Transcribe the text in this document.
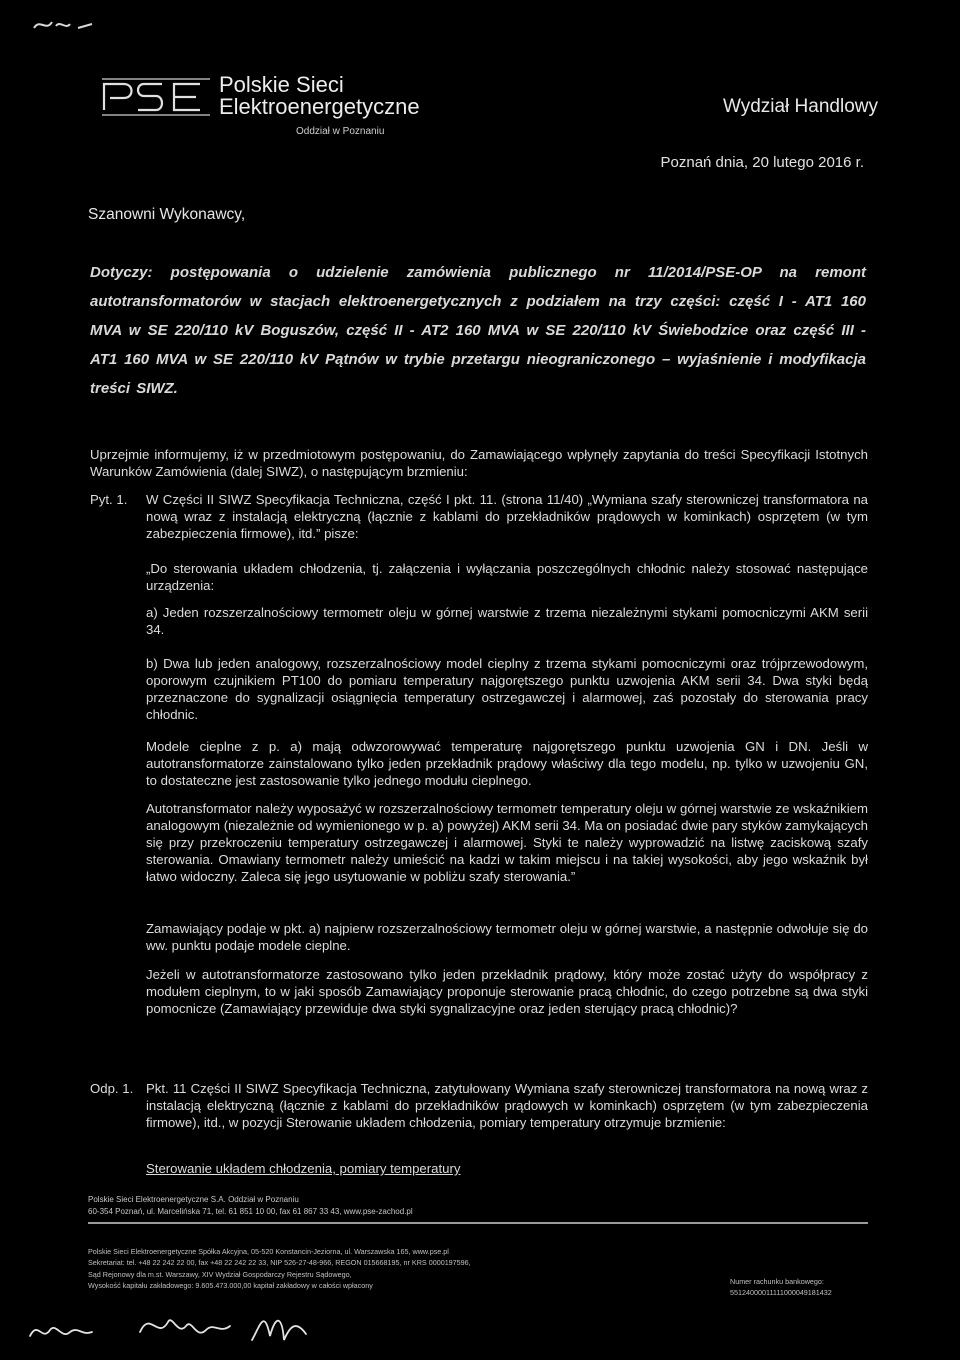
Polskie Sieci
Elektroenergetyczne
Oddział w Poznaniu
Wydział Handlowy
Poznań dnia, 20 lutego 2016 r.
Szanowni Wykonawcy,
Dotyczy: postępowania o udzielenie zamówienia publicznego nr 11/2014/PSE-OP na remont autotransformatorów w stacjach elektroenergetycznych z podziałem na trzy części: część I - AT1 160 MVA w SE 220/110 kV Boguszów, część II - AT2 160 MVA w SE 220/110 kV Świebodzice oraz część III - AT1 160 MVA w SE 220/110 kV Pątnów w trybie przetargu nieograniczonego – wyjaśnienie i modyfikacja treści SIWZ.
Uprzejmie informujemy, iż w przedmiotowym postępowaniu, do Zamawiającego wpłynęły zapytania do treści Specyfikacji Istotnych Warunków Zamówienia (dalej SIWZ), o następującym brzmieniu:
Pyt. 1. W Części II SIWZ Specyfikacja Techniczna, część I pkt. 11. (strona 11/40) „Wymiana szafy sterowniczej transformatora na nową wraz z instalacją elektryczną (łącznie z kablami do przekładników prądowych w kominkach) osprzętem (w tym zabezpieczenia firmowe), itd.” pisze:
„Do sterowania układem chłodzenia, tj. załączenia i wyłączania poszczególnych chłodnic należy stosować następujące urządzenia:
a) Jeden rozszerzalnościowy termometr oleju w górnej warstwie z trzema niezależnymi stykami pomocniczymi AKM serii 34.
b) Dwa lub jeden analogowy, rozszerzalnościowy model cieplny z trzema stykami pomocniczymi oraz trójprzewodowym, oporowym czujnikiem PT100 do pomiaru temperatury najgorętszego punktu uzwojenia AKM serii 34. Dwa styki będą przeznaczone do sygnalizacji osiągnięcia temperatury ostrzegawczej i alarmowej, zaś pozostały do sterowania pracy chłodnic.
Modele cieplne z p. a) mają odwzorowywać temperaturę najgorętszego punktu uzwojenia GN i DN. Jeśli w autotransformatorze zainstalowano tylko jeden przekładnik prądowy właściwy dla tego modelu, np. tylko w uzwojeniu GN, to dostateczne jest zastosowanie tylko jednego modułu cieplnego.
Autotransformator należy wyposażyć w rozszerzalnościowy termometr temperatury oleju w górnej warstwie ze wskaźnikiem analogowym (niezależnie od wymienionego w p. a) powyżej) AKM serii 34. Ma on posiadać dwie pary styków zamykających się przy przekroczeniu temperatury ostrzegawczej i alarmowej. Styki te należy wyprowadzić na listwę zaciskową szafy sterowania. Omawiany termometr należy umieścić na kadzi w takim miejscu i na takiej wysokości, aby jego wskaźnik był łatwo widoczny. Zaleca się jego usytuowanie w pobliżu szafy sterowania.”
Zamawiający podaje w pkt. a) najpierw rozszerzalnościowy termometr oleju w górnej warstwie, a następnie odwołuje się do ww. punktu podaje modele cieplne.
Jeżeli w autotransformatorze zastosowano tylko jeden przekładnik prądowy, który może zostać użyty do współpracy z modułem cieplnym, to w jaki sposób Zamawiający proponuje sterowanie pracą chłodnic, do czego potrzebne są dwa styki pomocnicze (Zamawiający przewiduje dwa styki sygnalizacyjne oraz jeden sterujący pracą chłodnic)?
Odp. 1. Pkt. 11 Części II SIWZ Specyfikacja Techniczna, zatytułowany Wymiana szafy sterowniczej transformatora na nową wraz z instalacją elektryczną (łącznie z kablami do przekładników prądowych w kominkach) osprzętem (w tym zabezpieczenia firmowe), itd., w pozycji Sterowanie układem chłodzenia, pomiary temperatury otrzymuje brzmienie:
Sterowanie układem chłodzenia, pomiary temperatury
Polskie Sieci Elektroenergetyczne S.A. Oddział w Poznaniu
60-354 Poznań, ul. Marcelińska 71, tel. 61 851 10 00, fax 61 867 33 43, www.pse-zachod.pl
Polskie Sieci Elektroenergetyczne Spółka Akcyjna, 05-520 Konstancin-Jeziorna, ul. Warszawska 165, www.pse.pl
Sekretariat: tel. +48 22 242 22 00, fax +48 22 242 22 33, NIP 526-27-48-966, REGON 015668195, nr KRS 0000197596,
Sąd Rejonowy dla m.st. Warszawy, XIV Wydział Gospodarczy Rejestru Sądowego,
Wysokość kapitału zakładowego: 9.605.473.000,00 kapitał zakładowy w całości wpłacony	Numer rachunku bankowego:
55124000011111000049181432
